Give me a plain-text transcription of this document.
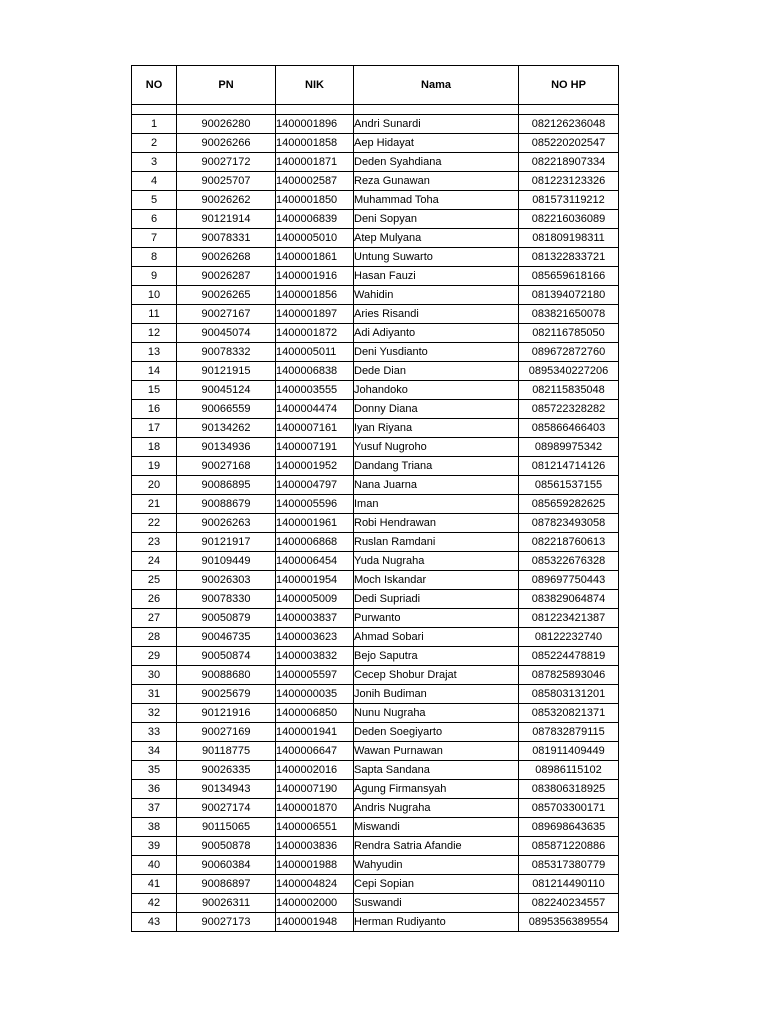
NO	PN	NIK	Nama	NO HP

1	90026280	1400001896	Andri Sunardi	082126236048
2	90026266	1400001858	Aep Hidayat	085220202547
3	90027172	1400001871	Deden Syahdiana	082218907334
4	90025707	1400002587	Reza Gunawan	081223123326
5	90026262	1400001850	Muhammad Toha	081573119212
6	90121914	1400006839	Deni Sopyan	082216036089
7	90078331	1400005010	Atep Mulyana	081809198311
8	90026268	1400001861	Untung Suwarto	081322833721
9	90026287	1400001916	Hasan Fauzi	085659618166
10	90026265	1400001856	Wahidin	081394072180
11	90027167	1400001897	Aries Risandi	083821650078
12	90045074	1400001872	Adi Adiyanto	082116785050
13	90078332	1400005011	Deni Yusdianto	089672872760
14	90121915	1400006838	Dede Dian	0895340227206
15	90045124	1400003555	Johandoko	082115835048
16	90066559	1400004474	Donny Diana	085722328282
17	90134262	1400007161	Iyan Riyana	085866466403
18	90134936	1400007191	Yusuf Nugroho	08989975342
19	90027168	1400001952	Dandang Triana	081214714126
20	90086895	1400004797	Nana Juarna	08561537155
21	90088679	1400005596	Iman	085659282625
22	90026263	1400001961	Robi Hendrawan	087823493058
23	90121917	1400006868	Ruslan Ramdani	082218760613
24	90109449	1400006454	Yuda Nugraha	085322676328
25	90026303	1400001954	Moch Iskandar	089697750443
26	90078330	1400005009	Dedi Supriadi	083829064874
27	90050879	1400003837	Purwanto	081223421387
28	90046735	1400003623	Ahmad Sobari	08122232740
29	90050874	1400003832	Bejo Saputra	085224478819
30	90088680	1400005597	Cecep Shobur Drajat	087825893046
31	90025679	1400000035	Jonih Budiman	085803131201
32	90121916	1400006850	Nunu Nugraha	085320821371
33	90027169	1400001941	Deden Soegiyarto	087832879115
34	90118775	1400006647	Wawan Purnawan	081911409449
35	90026335	1400002016	Sapta Sandana	08986115102
36	90134943	1400007190	Agung Firmansyah	083806318925
37	90027174	1400001870	Andris Nugraha	085703300171
38	90115065	1400006551	Miswandi	089698643635
39	90050878	1400003836	Rendra Satria Afandie	085871220886
40	90060384	1400001988	Wahyudin	085317380779
41	90086897	1400004824	Cepi Sopian	081214490110
42	90026311	1400002000	Suswandi	082240234557
43	90027173	1400001948	Herman Rudiyanto	0895356389554
